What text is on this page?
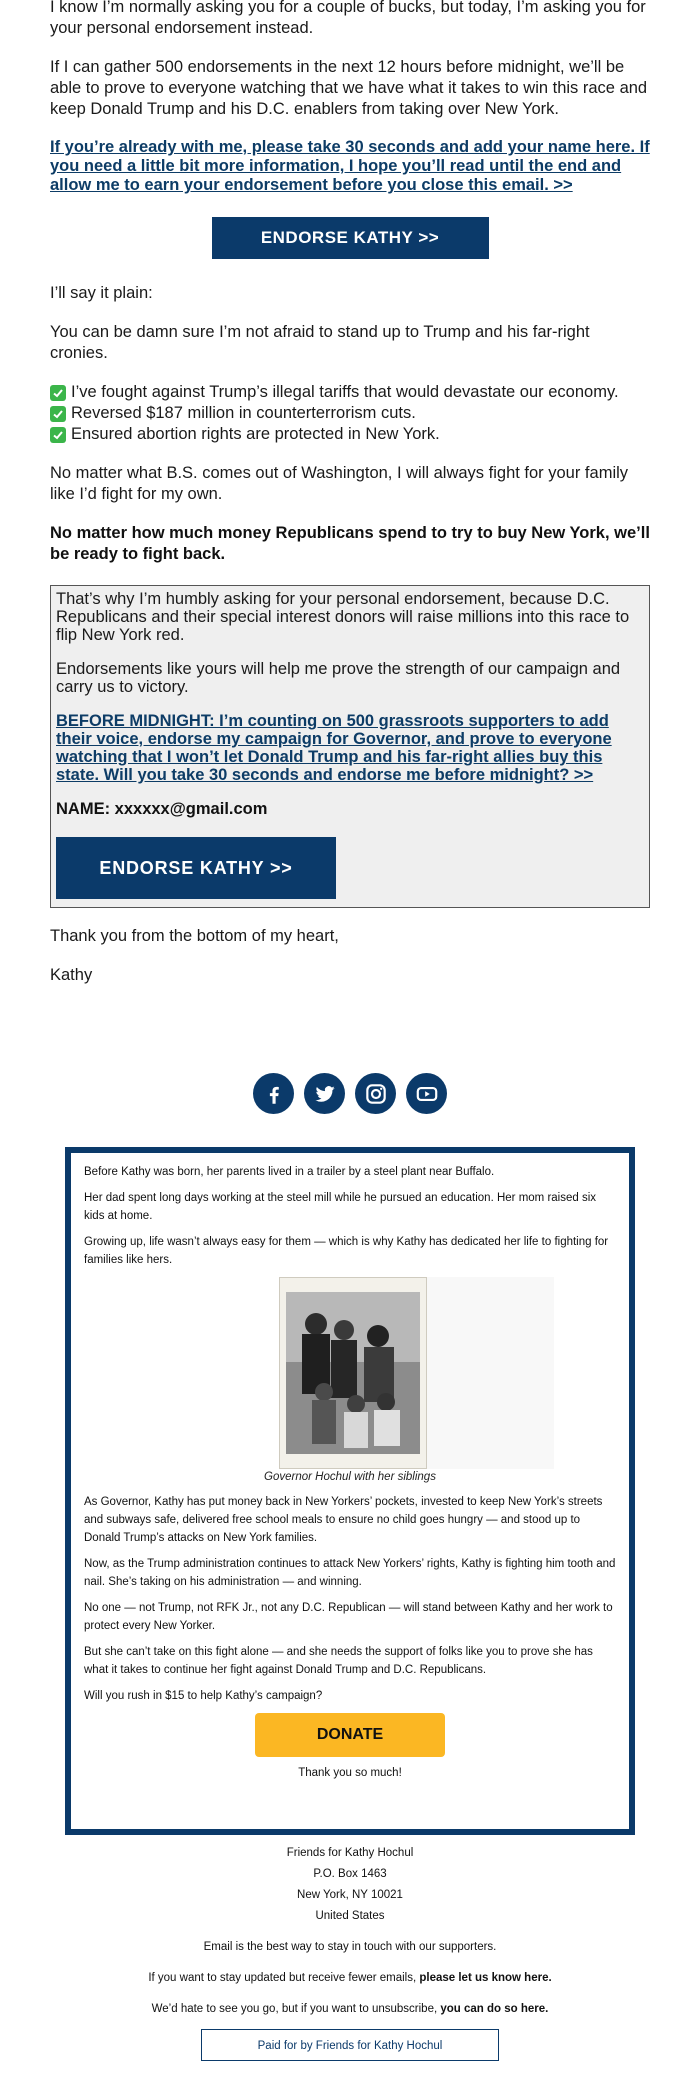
I know I’m normally asking you for a couple of bucks, but today, I’m asking you for your personal endorsement instead.

If I can gather 500 endorsements in the next 12 hours before midnight, we’ll be able to prove to everyone watching that we have what it takes to win this race and keep Donald Trump and his D.C. enablers from taking over New York.

If you’re already with me, please take 30 seconds and add your name here. If you need a little bit more information, I hope you’ll read until the end and allow me to earn your endorsement before you close this email. >>
ENDORSE KATHY >>

I’ll say it plain:

You can be damn sure I’m not afraid to stand up to Trump and his far-right cronies.

I’ve fought against Trump’s illegal tariffs that would devastate our economy.
Reversed $187 million in counterterrorism cuts.
Ensured abortion rights are protected in New York.

No matter what B.S. comes out of Washington, I will always fight for your family like I’d fight for my own.

No matter how much money Republicans spend to try to buy New York, we’ll be ready to fight back.

That’s why I’m humbly asking for your personal endorsement, because D.C. Republicans and their special interest donors will raise millions into this race to flip New York red.

Endorsements like yours will help me prove the strength of our campaign and carry us to victory.

BEFORE MIDNIGHT: I’m counting on 500 grassroots supporters to add their voice, endorse my campaign for Governor, and prove to everyone watching that I won’t let Donald Trump and his far-right allies buy this state. Will you take 30 seconds and endorse me before midnight? >>
NAME: xxxxxx@gmail.com
ENDORSE KATHY >>

Thank you from the bottom of my heart,

Kathy

Before Kathy was born, her parents lived in a trailer by a steel plant near Buffalo.

Her dad spent long days working at the steel mill while he pursued an education. Her mom raised six kids at home.

Growing up, life wasn’t always easy for them — which is why Kathy has dedicated her life to fighting for families like hers.

Governor Hochul with her siblings

As Governor, Kathy has put money back in New Yorkers’ pockets, invested to keep New York’s streets and subways safe, delivered free school meals to ensure no child goes hungry — and stood up to Donald Trump’s attacks on New York families.

Now, as the Trump administration continues to attack New Yorkers’ rights, Kathy is fighting him tooth and nail. She’s taking on his administration — and winning.

No one — not Trump, not RFK Jr., not any D.C. Republican — will stand between Kathy and her work to protect every New Yorker.

But she can’t take on this fight alone — and she needs the support of folks like you to prove she has what it takes to continue her fight against Donald Trump and D.C. Republicans.

Will you rush in $15 to help Kathy’s campaign?

DONATE

Thank you so much!

Friends for Kathy Hochul
P.O. Box 1463
New York, NY 10021
United States
Email is the best way to stay in touch with our supporters.
If you want to stay updated but receive fewer emails, please let us know here.
We’d hate to see you go, but if you want to unsubscribe, you can do so here.
Paid for by Friends for Kathy Hochul
